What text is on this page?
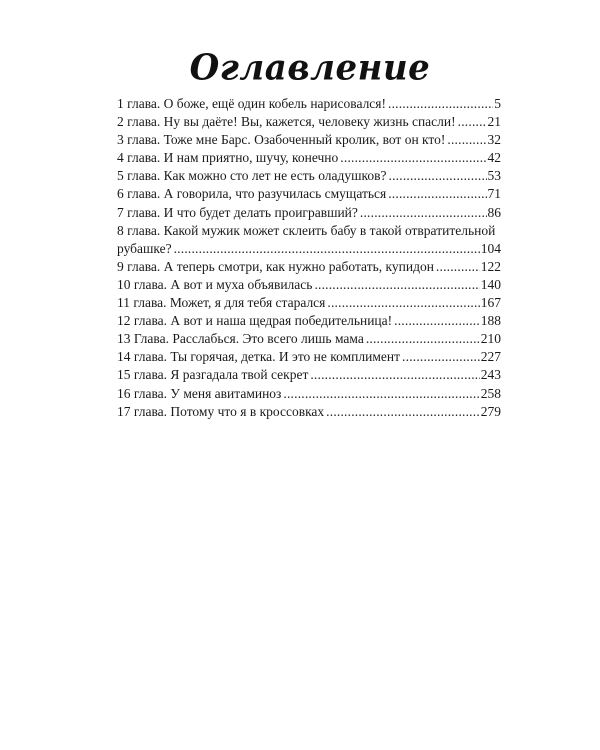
Оглавление
1 глава. О боже, ещё один кобель нарисовался! .....	5
2 глава. Ну вы даёте! Вы, кажется, человеку жизнь спасли! ..... 21
3 глава. Тоже мне Барс. Озабоченный кролик, вот он кто! .....	32
4 глава. И нам приятно, шучу, конечно .....	42
5 глава. Как можно сто лет не есть оладушков? .....	53
6 глава. А говорила, что разучилась смущаться .....	71
7 глава. И что будет делать проигравший? .....	86
8 глава. Какой мужик может склеить бабу в такой отвратительной
рубашке? .....	104
9 глава. А теперь смотри, как нужно работать, купидон .....	122
10 глава. А вот и муха объявилась .....	140
11 глава. Может, я для тебя старался .....	167
12 глава. А вот и наша щедрая победительница! .....	188
13 Глава. Расслабься. Это всего лишь мама .....	210
14 глава. Ты горячая, детка. И это не комплимент .....	227
15 глава. Я разгадала твой секрет .....	243
16 глава. У меня авитаминоз .....	258
17 глава. Потому что я в кроссовках .....	279
